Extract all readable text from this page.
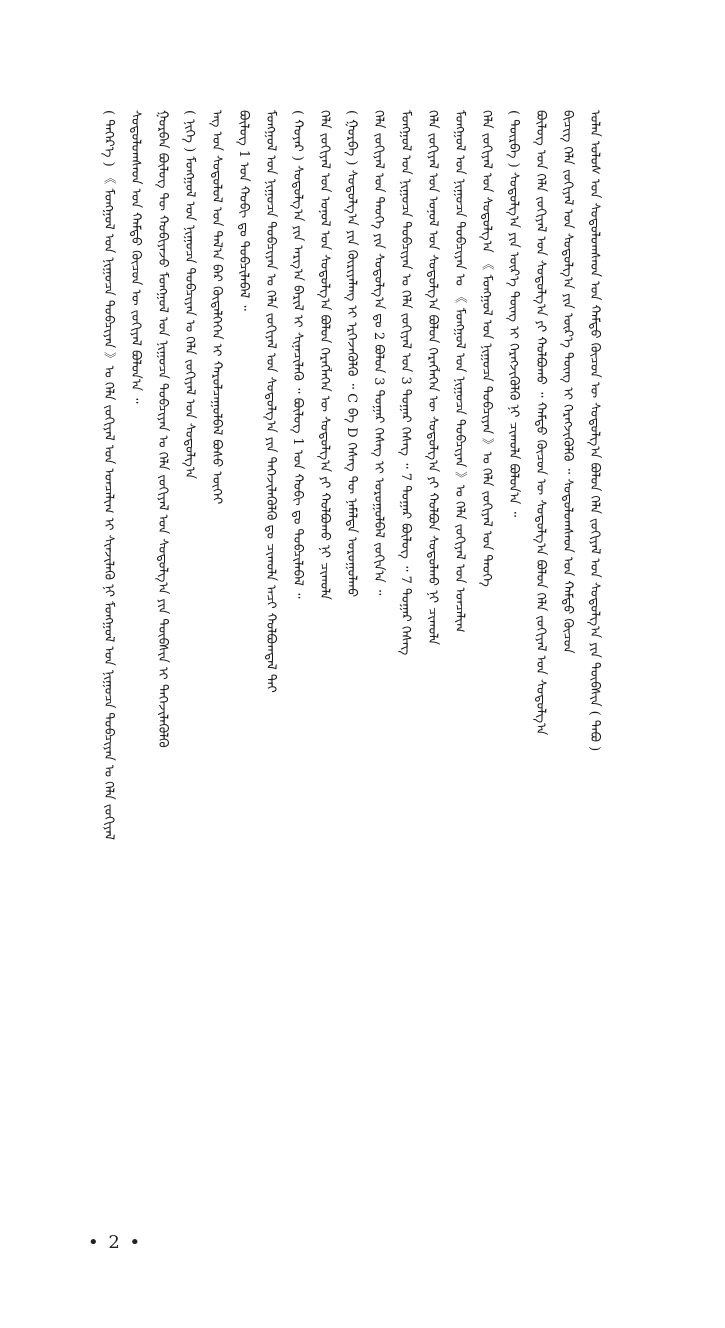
( ᠳᠡᠭᠡᠷ᠎ᠡ ) 《 ᠮᠣᠩᠭᠣᠯ ᠤᠨ ᠨᠢᠭᠤᠴᠠ ᠲᠣᠪᠴᠢᠶᠠᠨ 》ᠤ ᠬᠡᠯᠡ ᠵᠣᠬᠢᠶᠠᠯ ᠤᠨ ᠣᠨᠴᠠᠯᠢᠭ ᠢ ᠰᠢᠨᠵᠢᠯᠡᠬᠦ ᠨᠢ ᠮᠣᠩᠭᠣᠯ ᠤᠨ ᠨᠢᠭᠤᠴᠠ ᠲᠣᠪᠴᠢᠶᠠᠨ ᠤ ᠬᠡᠯᠡ ᠵᠣᠬᠢᠶᠠᠯ ᠰᠤᠳᠤᠯᠤᠭᠰᠠᠳ ᠤᠨ ᠬᠠᠮᠲᠤ ᠬᠦᠴᠦᠨ ᠦ ᠵᠣᠬᠢᠶᠠᠯ ᠪᠣᠯᠤᠨ᠎ᠠ ᠃ ᠭᠤᠷᠪᠠᠨ ᠪᠥᠯᠦᠭ ᠲᠦ ᠬᠤᠪᠢᠶᠠᠵᠤ ᠮᠣᠩᠭᠣᠯ ᠤᠨ ᠨᠢᠭᠤᠴᠠ ᠲᠣᠪᠴᠢᠶᠠᠨ ᠤ ᠬᠡᠯᠡ ᠵᠣᠬᠢᠶᠠᠯ ᠤᠨ ᠰᠤᠳᠤᠯᠭ᠎ᠠ ᠶᠢᠨ ᠲᠦᠪᠰᠢᠨ ᠢ ᠳᠡᠭᠡᠵᠢᠯᠡᠭᠦᠯᠬᠦ ( ᠨᠢᠭᠡ ) ᠮᠣᠩᠭᠣᠯ ᠤᠨ ᠨᠢᠭᠤᠴᠠ ᠲᠣᠪᠴᠢᠶᠠᠨ ᠤ ᠬᠡᠯᠡ ᠵᠣᠬᠢᠶᠠᠯ ᠤᠨ ᠰᠤᠳᠤᠯᠭ᠎ᠠ ᠡᠩ ᠤᠨ ᠰᠤᠳᠤᠯᠤᠯ ᠤᠨ ᠲᠠᠯ᠎ᠠ ᠪᠠᠷ ᠬᠦᠳᠡᠯᠭᠡᠭᠡᠨ ᠢ ᠬᠠᠷᠤᠯᠴᠠᠭᠤᠯᠪᠠᠯ ᠪᠣᠰᠤ ᠦᠭᠡᠢ ᠪᠥᠯᠦᠭ 1 ᠤᠨ ᠬᠤᠪᠢ ᠳᠤ ᠲᠣᠪᠴᠢᠯᠠᠪᠠᠯ ᠃ ᠮᠣᠩᠭᠣᠯ ᠤᠨ ᠨᠢᠭᠤᠴᠠ ᠲᠣᠪᠴᠢᠶᠠᠨ ᠤ ᠬᠡᠯᠡ ᠵᠣᠬᠢᠶᠠᠯ ᠤᠨ ᠰᠤᠳᠤᠯᠭ᠎ᠠ ᠶᠢᠨ ᠳᠡᠭᠡᠵᠢᠯᠡᠭᠦᠯᠬᠦ ᠳᠤ ᠴᠢᠬᠤᠯᠠ ᠠᠴᠢ ᠬᠣᠯᠪᠣᠭᠳᠠᠯ ᠲᠠᠢ ( ᠬᠣᠶᠠᠷ ) ᠰᠤᠳᠤᠯᠭ᠎ᠠ ᠶᠢᠨ ᠠᠷᠭ᠎ᠠ ᠪᠠᠷᠢᠯ ᠢ ᠰᠢᠨᠡᠴᠢᠯᠡᠬᠦ ᠃ ᠪᠥᠯᠦᠭ 1 ᠤᠨ ᠬᠤᠪᠢ ᠳᠤ ᠲᠣᠪᠴᠢᠯᠠᠪᠠᠯ ᠃ ᠬᠡᠯᠡ ᠵᠣᠬᠢᠶᠠᠯ ᠤᠨ ᠣᠨᠣᠯ ᠤᠨ ᠰᠤᠳᠤᠯᠭ᠎ᠠ ᠪᠣᠯᠤᠨ ᠬᠡᠷᠡᠭᠯᠡᠭᠡᠨ ᠦ ᠰᠤᠳᠤᠯᠭ᠎ᠠ ᠶᠢ ᠬᠣᠯᠪᠣᠬᠤ ᠨᠢ ᠴᠢᠬᠤᠯᠠ ( ᠭᠤᠷᠪᠠ ) ᠰᠤᠳᠤᠯᠭ᠎ᠠ ᠶᠢᠨ ᠬᠦᠷᠢᠶᠡᠯᠡᠩ ᠢ ᠡᠷᠭᠡᠵᠡᠬᠦᠯᠬᠦ ᠃ C ᠪᠠ D ᠬᠡᠰᠡᠭ ᠲᠦ ᠨᠡᠮᠡᠯᠲᠡ ᠣᠷᠣᠭᠤᠯᠬᠤ ᠬᠡᠯᠡ ᠵᠣᠬᠢᠶᠠᠯ ᠤᠨ ᠲᠡᠦᠬᠡ ᠶᠢᠨ ᠰᠤᠳᠤᠯᠭ᠎ᠠ ᠳᠤ 2 ᠪᠣᠯᠤᠨ 3 ᠳᠤᠭᠠᠷ ᠬᠡᠰᠡᠭ ᠢ ᠣᠷᠣᠭᠤᠯᠪᠠᠯ ᠵᠣᠬᠢᠨ᠎ᠠ ᠃ ᠮᠣᠩᠭᠣᠯ ᠤᠨ ᠨᠢᠭᠤᠴᠠ ᠲᠣᠪᠴᠢᠶᠠᠨ ᠤ ᠬᠡᠯᠡ ᠵᠣᠬᠢᠶᠠᠯ ᠤᠨ 3 ᠳᠤᠭᠠᠷ ᠬᠡᠰᠡᠭ ᠃ 7 ᠳᠤᠭᠠᠷ ᠪᠥᠯᠦᠭ ᠃ 7 ᠳᠤᠭᠠᠷ ᠬᠡᠰᠡᠭ ᠬᠡᠯᠡ ᠵᠣᠬᠢᠶᠠᠯ ᠤᠨ ᠣᠨᠣᠯ ᠤᠨ ᠰᠤᠳᠤᠯᠭ᠎ᠠ ᠪᠣᠯᠤᠨ ᠬᠡᠷᠡᠭᠯᠡᠭᠡᠨ ᠦ ᠰᠤᠳᠤᠯᠭ᠎ᠠ ᠶᠢ ᠬᠣᠯᠪᠣᠨ ᠰᠤᠳᠤᠯᠬᠤ ᠨᠢ ᠴᠢᠬᠤᠯᠠ ᠮᠣᠩᠭᠣᠯ ᠤᠨ ᠨᠢᠭᠤᠴᠠ ᠲᠣᠪᠴᠢᠶᠠᠨ ᠤ 《 ᠮᠣᠩᠭᠣᠯ ᠤᠨ ᠨᠢᠭᠤᠴᠠ ᠲᠣᠪᠴᠢᠶᠠᠨ 》ᠤ ᠬᠡᠯᠡ ᠵᠣᠬᠢᠶᠠᠯ ᠤᠨ ᠣᠨᠴᠠᠯᠢᠭ ᠬᠡᠯᠡ ᠵᠣᠬᠢᠶᠠᠯ ᠤᠨ ᠰᠤᠳᠤᠯᠭ᠎ᠠ 《 ᠮᠣᠩᠭᠣᠯ ᠤᠨ ᠨᠢᠭᠤᠴᠠ ᠲᠣᠪᠴᠢᠶᠠᠨ 》ᠤ ᠬᠡᠯᠡ ᠵᠣᠬᠢᠶᠠᠯ ᠤᠨ ᠲᠡᠦᠬᠡ ( ᠳᠥᠷᠪᠡ ) ᠰᠤᠳᠤᠯᠭ᠎ᠠ ᠶᠢᠨ ᠦᠷ᠎ᠡ ᠳᠦᠩ ᠢ ᠬᠡᠷᠡᠭᠵᠢᠭᠦᠯᠬᠦ ᠨᠢ ᠴᠢᠬᠤᠯᠠ ᠪᠣᠯᠤᠨ᠎ᠠ ᠃ ᠪᠥᠯᠦᠭ ᠤᠨ ᠬᠡᠯᠡ ᠵᠣᠬᠢᠶᠠᠯ ᠤᠨ ᠰᠤᠳᠤᠯᠭ᠎ᠠ ᠶᠢ ᠬᠣᠯᠪᠣᠬᠤ ᠃ ᠬᠠᠮᠲᠤ ᠬᠦᠴᠦᠨ ᠦ ᠰᠤᠳᠤᠯᠭ᠎ᠠ ᠪᠣᠯᠤᠨ ᠬᠡᠯᠡ ᠵᠣᠬᠢᠶᠠᠯ ᠤᠨ ᠰᠤᠳᠤᠯᠭ᠎ᠠ ᠪᠢᠴᠢᠭ ᠬᠡᠯᠡ ᠵᠣᠬᠢᠶᠠᠯ ᠤᠨ ᠰᠤᠳᠤᠯᠭ᠎ᠠ ᠶᠢᠨ ᠦᠷ᠎ᠡ ᠳᠦᠩ ᠢ ᠬᠡᠷᠡᠭᠵᠢᠭᠦᠯᠬᠦ ᠃ ᠰᠤᠳᠤᠯᠤᠭᠰᠠᠳ ᠤᠨ ᠬᠠᠮᠲᠤ ᠬᠦᠴᠦᠨ ᠣᠯᠠᠨ ᠤᠯᠤᠰ ᠤᠨ ᠰᠤᠳᠤᠯᠤᠭᠰᠠᠳ ᠤᠨ ᠬᠠᠮᠲᠤ ᠬᠦᠴᠦᠨ ᠦ ᠰᠤᠳᠤᠯᠭ᠎ᠠ ᠪᠣᠯᠤᠨ ᠬᠡᠯᠡ ᠵᠣᠬᠢᠶᠠᠯ ᠤᠨ ᠰᠤᠳᠤᠯᠭ᠎ᠠ ᠶᠢᠨ ᠲᠦᠪᠰᠢᠨ ( ᠲᠠᠪᠤ )
• 2 •
